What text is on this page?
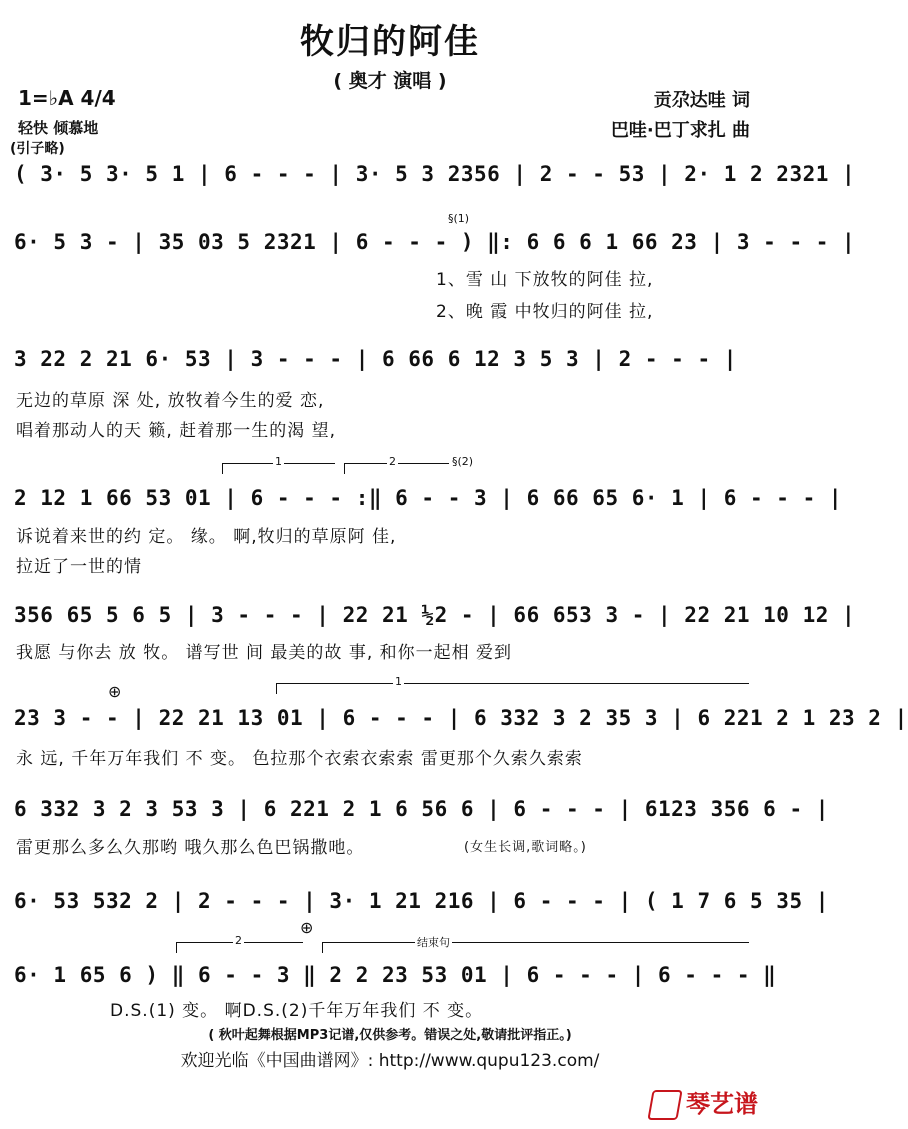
牧归的阿佳
( 奥才 演唱 )
1=♭A 4/4
轻快 倾慕地
(引子略)
贡尕达哇 词
巴哇·巴丁求扎 曲
( 3· 5 3· 5 1 | 6 - - - | 3· 5 3 2356 | 2 - - 53 | 2· 1 2 2321 |
§(1)
6· 5 3 - | 35 03 5 2321 | 6 - - - ) ‖: 6 6 6 1 66 23 | 3 - - - |
1、雪 山 下放牧的阿佳 拉,
2、晚 霞 中牧归的阿佳 拉,
3 22 2 21 6· 53 | 3 - - - | 6 66 6 12 3 5 3 | 2 - - - |
无边的草原 深 处, 放牧着今生的爱 恋,
唱着那动人的天 籁, 赶着那一生的渴 望,
1	2	§(2)
2 12 1 66 53 01 | 6 - - - :‖ 6 - - 3 | 6 66 65 6· 1 | 6 - - - |
诉说着来世的约 定。 缘。 啊,牧归的草原阿 佳,
拉近了一世的情
356 65 5 6 5 | 3 - - - | 22 21 ½2 - | 66 653 3 - | 22 21 10 12 |
我愿 与你去 放 牧。 谱写世 间 最美的故 事, 和你一起相 爱到
⊕
1
23 3 - - | 22 21 13 01 | 6 - - - | 6 332 3 2 35 3 | 6 221 2 1 23 2 |
永 远, 千年万年我们 不 变。 色拉那个衣索衣索索 雷更那个久索久索索
6 332 3 2 3 53 3 | 6 221 2 1 6 56 6 | 6 - - - | 6123 356 6 - |
雷更那么多么久那哟 哦久那么色巴锅撒吔。	(女生长调,歌词略。)
6· 53 532 2 | 2 - - - | 3· 1 21 216 | 6 - - - | ( 1 7 6 5 35 |
2	结束句
⊕
6· 1 65 6 ) ‖ 6 - - 3 ‖ 2 2 23 53 01 | 6 - - - | 6 - - - ‖
D.S.(1) 变。 啊D.S.(2)千年万年我们 不 变。
( 秋叶起舞根据MP3记谱,仅供参考。错误之处,敬请批评指正。)
欢迎光临《中国曲谱网》: http://www.qupu123.com/
琴艺谱
